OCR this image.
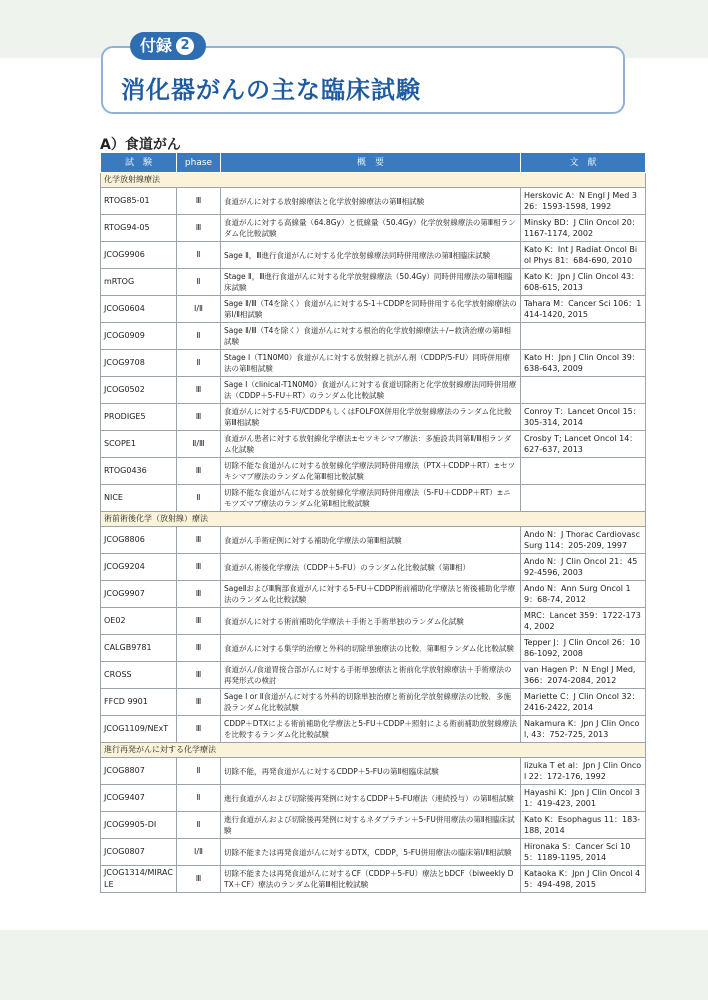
付録 2
消化器がんの主な臨床試験
A）食道がん
試　験	phase	概　要	文　献
化学放射線療法			
RTOG85-01	Ⅲ	食道がんに対する放射線療法と化学放射線療法の第Ⅲ相試験	Herskovic A：N Engl J Med 326：1593-1598, 1992
RTOG94-05	Ⅲ	食道がんに対する高線量（64.8Gy）と低線量（50.4Gy）化学放射線療法の第Ⅲ相ランダム化比較試験	Minsky BD：J Clin Oncol 20：1167-1174, 2002
JCOG9906	Ⅱ	Sage Ⅱ，Ⅲ進行食道がんに対する化学放射線療法同時併用療法の第Ⅱ相臨床試験	Kato K：Int J Radiat Oncol Biol Phys 81：684-690, 2010
mRTOG	Ⅱ	Stage Ⅱ，Ⅲ進行食道がんに対する化学放射線療法（50.4Gy）同時併用療法の第Ⅱ相臨床試験	Kato K：Jpn J Clin Oncol 43：608-615, 2013
JCOG0604	Ⅰ/Ⅱ	Sage Ⅱ/Ⅲ（T4を除く）食道がんに対するS-1＋CDDPを同時併用する化学放射線療法の第Ⅰ/Ⅱ相試験	Tahara M：Cancer Sci 106：1414-1420, 2015
JCOG0909	Ⅱ	Sage Ⅱ/Ⅲ（T4を除く）食道がんに対する根治的化学放射線療法＋/−救済治療の第Ⅱ相試験	
JCOG9708	Ⅱ	Stage Ⅰ（T1N0M0）食道がんに対する放射線と抗がん剤（CDDP/5-FU）同時併用療法の第Ⅱ相試験	Kato H：Jpn J Clin Oncol 39：638-643, 2009
JCOG0502	Ⅲ	Sage Ⅰ（clinical-T1N0M0）食道がんに対する食道切除術と化学放射線療法同時併用療法（CDDP＋5-FU＋RT）のランダム化比較試験	
PRODIGE5	Ⅲ	食道がんに対する5-FU/CDDPもしくはFOLFOX併用化学放射線療法のランダム化比較第Ⅲ相試験	Conroy T：Lancet Oncol 15：305-314, 2014
SCOPE1	Ⅱ/Ⅲ	食道がん患者に対する放射線化学療法±セツキシマブ療法：多施設共同第Ⅱ/Ⅲ相ランダム化試験	Crosby T; Lancet Oncol 14：627-637, 2013
RTOG0436	Ⅲ	切除不能な食道がんに対する放射線化学療法同時併用療法（PTX＋CDDP＋RT）±セツキシマブ療法のランダム化第Ⅲ相比較試験	
NICE	Ⅱ	切除不能な食道がんに対する放射線化学療法同時併用療法（5-FU＋CDDP＋RT）±ニモツズマブ療法のランダム化第Ⅱ相比較試験	
術前術後化学（放射線）療法			
JCOG8806	Ⅲ	食道がん手術症例に対する補助化学療法の第Ⅲ相試験	Ando N：J Thorac Cardiovasc Surg 114：205-209, 1997
JCOG9204	Ⅲ	食道がん術後化学療法（CDDP＋5-FU）のランダム化比較試験（第Ⅲ相）	Ando N：J Clin Oncol 21：4592-4596, 2003
JCOG9907	Ⅲ	SageⅡおよびⅢ胸部食道がんに対する5-FU＋CDDP術前補助化学療法と術後補助化学療法のランダム化比較試験	Ando N：Ann Surg Oncol 19：68-74, 2012
OE02	Ⅲ	食道がんに対する術前補助化学療法＋手術と手術単独のランダム化試験	MRC：Lancet 359：1722-1734, 2002
CALGB9781	Ⅲ	食道がんに対する集学的治療と外科的切除単独療法の比較．第Ⅲ相ランダム化比較試験	Tepper J：J Clin Oncol 26：1086-1092, 2008
CROSS	Ⅲ	食道がん/食道胃接合部がんに対する手術単独療法と術前化学放射線療法＋手術療法の再発形式の検討	van Hagen P：N Engl J Med, 366：2074-2084, 2012
FFCD 9901	Ⅲ	Sage Ⅰ or Ⅱ食道がんに対する外科的切除単独治療と術前化学放射線療法の比較．多施設ランダム化比較試験	Mariette C：J Clin Oncol 32：2416-2422, 2014
JCOG1109/NExT	Ⅲ	CDDP＋DTXによる術前補助化学療法と5-FU＋CDDP＋照射による術前補助放射線療法を比較するランダム化比較試験	Nakamura K：Jpn J Clin Oncol, 43：752-725, 2013
進行再発がんに対する化学療法			
JCOG8807	Ⅱ	切除不能，再発食道がんに対するCDDP＋5-FUの第Ⅱ相臨床試験	Iizuka T et al：Jpn J Clin Oncol 22：172-176, 1992
JCOG9407	Ⅱ	進行食道がんおよび切除後再発例に対するCDDP＋5-FU療法（連続投与）の第Ⅱ相試験	Hayashi K：Jpn J Clin Oncol 31：419-423, 2001
JCOG9905-DI	Ⅱ	進行食道がんおよび切除後再発例に対するネダプラチン＋5-FU併用療法の第Ⅱ相臨床試験	Kato K：Esophagus 11：183-188, 2014
JCOG0807	Ⅰ/Ⅱ	切除不能または再発食道がんに対するDTX，CDDP，5-FU併用療法の臨床第Ⅰ/Ⅱ相試験	Hironaka S：Cancer Sci 105：1189-1195, 2014
JCOG1314/MIRACLE	Ⅲ	切除不能または再発食道がんに対するCF（CDDP＋5-FU）療法とbDCF（biweekly DTX＋CF）療法のランダム化第Ⅲ相比較試験	Kataoka K：Jpn J Clin Oncol 45：494-498, 2015
